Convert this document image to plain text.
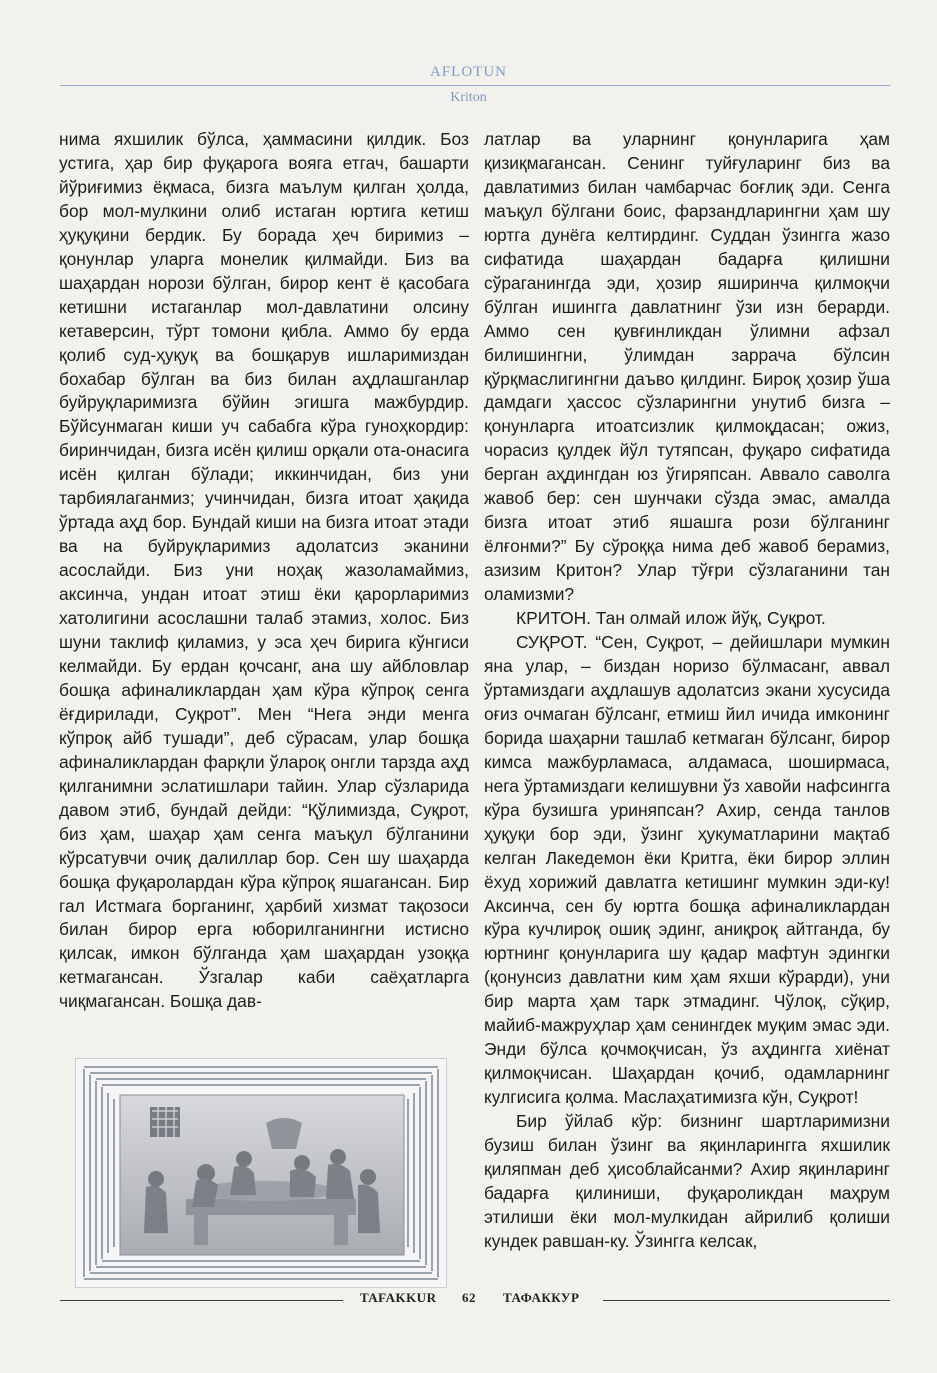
AFLOTUN
Kriton

нима яхшилик бўлса, ҳаммасини қилдик. Боз устига, ҳар бир фуқарога вояга етгач, башарти йўриғимиз ёқмаса, бизга маълум қилган ҳолда, бор мол-мулкини олиб истаган юртига кетиш ҳуқуқини бердик. Бу борада ҳеч биримиз – қонунлар уларга монелик қилмайди. Биз ва шаҳардан норози бўлган, бирор кент ё қасобага кетишни истаганлар мол-давлатини олсину кетаверсин, тўрт томони қибла. Аммо бу ерда қолиб суд-ҳуқуқ ва бошқарув ишларимиздан бохабар бўлган ва биз билан аҳдлашганлар буйруқларимизга бўйин эгишга мажбурдир. Бўйсунмаган киши уч сабабга кўра гуноҳкордир: биринчидан, бизга исён қилиш орқали ота-онасига исён қилган бўлади; иккинчидан, биз уни тарбиялаганмиз; учинчидан, бизга итоат ҳақида ўртада аҳд бор. Бундай киши на бизга итоат этади ва на буйруқларимиз адолатсиз эканини асослайди. Биз уни ноҳақ жазоламаймиз, аксинча, ундан итоат этиш ёки қарорларимиз хатолигини асослашни талаб этамиз, холос. Биз шуни таклиф қиламиз, у эса ҳеч бирига кўнгиси келмайди. Бу ердан қочсанг, ана шу айбловлар бошқа афиналиклардан ҳам кўра кўпроқ сенга ёғдирилади, Суқрот”. Мен “Нега энди менга кўпроқ айб тушади”, деб сўрасам, улар бошқа афиналиклардан фарқли ўлароқ онгли тарзда аҳд қилганимни эслатишлари тайин. Улар сўзларида давом этиб, бундай дейди: “Қўлимизда, Суқрот, биз ҳам, шаҳар ҳам сенга маъқул бўлганини кўрсатувчи очиқ далиллар бор. Сен шу шаҳарда бошқа фуқаролардан кўра кўпроқ яшагансан. Бир гал Истмага борганинг, ҳарбий хизмат тақозоси билан бирор ерга юборилганингни истисно қилсак, имкон бўлганда ҳам шаҳардан узоққа кетмагансан. Ўзгалар каби саёҳатларга чиқмагансан. Бошқа дав-

латлар ва уларнинг қонунларига ҳам қизиқмагансан. Сенинг туйғуларинг биз ва давлатимиз билан чамбарчас боғлиқ эди. Сенга маъқул бўлгани боис, фарзандларингни ҳам шу юртга дунёга келтирдинг. Суддан ўзингга жазо сифатида шаҳардан бадарға қилишни сўраганингда эди, ҳозир яширинча қилмоқчи бўлган ишингга давлатнинг ўзи изн берарди. Аммо сен қувғинликдан ўлимни афзал билишингни, ўлимдан заррача бўлсин қўрқмаслигингни даъво қилдинг. Бироқ ҳозир ўша дамдаги ҳассос сўзларингни унутиб бизга – қонунларга итоатсизлик қилмоқдасан; ожиз, чорасиз қулдек йўл тутяпсан, фуқаро сифатида берган аҳдингдан юз ўгиряпсан. Аввало саволга жавоб бер: сен шунчаки сўзда эмас, амалда бизга итоат этиб яшашга рози бўлганинг ёлғонми?” Бу сўроққа нима деб жавоб берамиз, азизим Критон? Улар тўғри сўзлаганини тан оламизми?

КРИТОН. Тан олмай илож йўқ, Суқрот.

СУҚРОТ. “Сен, Суқрот, – дейишлари мумкин яна улар, – биздан норизо бўлмасанг, аввал ўртамиздаги аҳдлашув адолатсиз экани хусусида оғиз очмаган бўлсанг, етмиш йил ичида имконинг борида шаҳарни ташлаб кетмаган бўлсанг, бирор кимса мажбурламаса, алдамаса, шоширмаса, нега ўртамиздаги келишувни ўз хавойи нафсингга кўра бузишга уриняпсан? Ахир, сенда танлов ҳуқуқи бор эди, ўзинг ҳукуматларини мақтаб келган Лакедемон ёки Критга, ёки бирор эллин ёхуд хорижий давлатга кетишинг мумкин эди-ку! Аксинча, сен бу юртга бошқа афиналиклардан кўра кучлироқ ошиқ эдинг, аниқроқ айтганда, бу юртнинг қонунларига шу қадар мафтун эдингки (қонунсиз давлатни ким ҳам яхши кўрарди), уни бир марта ҳам тарк этмадинг. Чўлоқ, сўқир, майиб-мажруҳлар ҳам сенингдек муқим эмас эди. Энди бўлса қочмоқчисан, ўз аҳдингга хиёнат қилмоқчисан. Шаҳардан қочиб, одамларнинг кулгисига қолма. Маслаҳатимизга кўн, Суқрот!

Бир ўйлаб кўр: бизнинг шартларимизни бузиш билан ўзинг ва яқинларингга яхшилик қиляпман деб ҳисоблайсанми? Ахир яқинларинг бадарға қилиниши, фуқароликдан маҳрум этилиши ёки мол-мулкидан айрилиб қолиши кундек равшан-ку. Ўзингга келсак,

TAFAKKUR 62 ТАФАККУР
